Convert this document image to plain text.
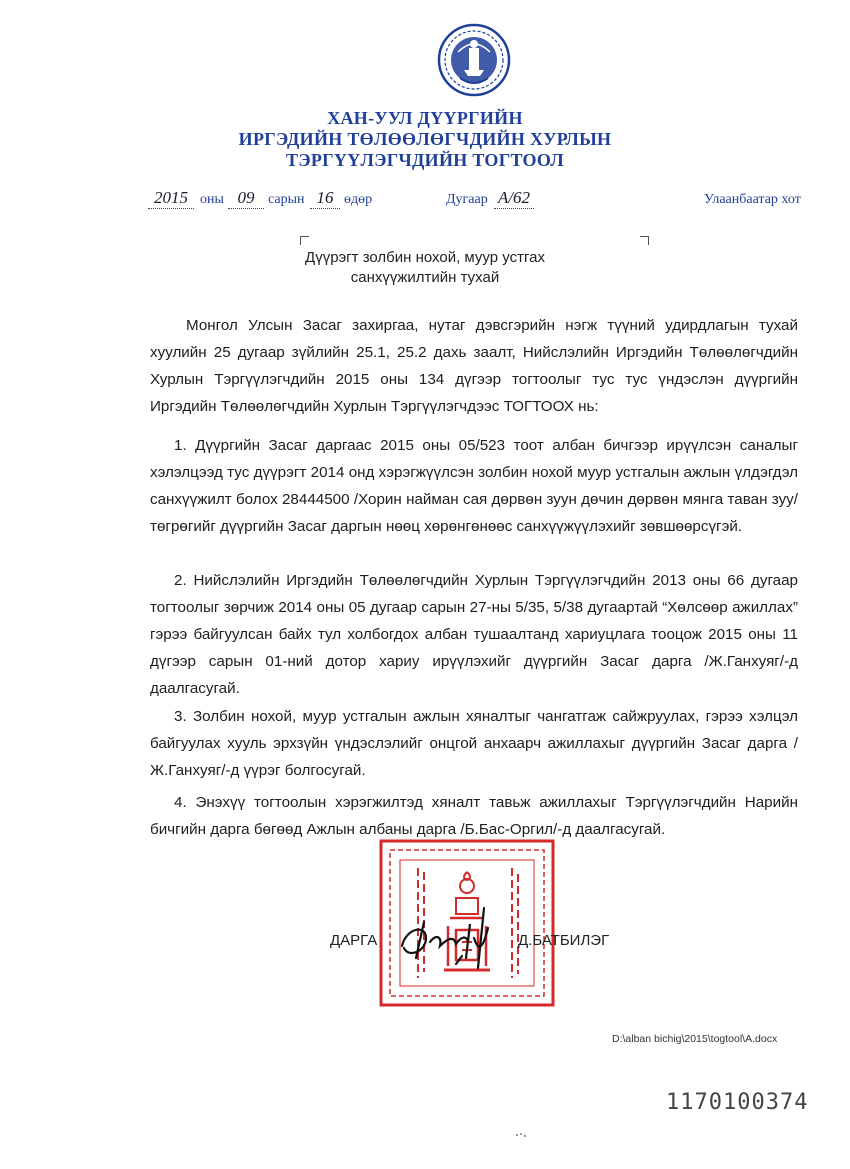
ХАН-УУЛ ДҮҮРГИЙН
ИРГЭДИЙН ТӨЛӨӨЛӨГЧДИЙН ХУРЛЫН
ТЭРГҮҮЛЭГЧДИЙН ТОГТООЛ
2015 оны 09 сарын 16 өдөр	Дугаар А/62	Улаанбаатар хот
Дүүрэгт золбин нохой, муур устгах
санхүүжилтийн тухай

Монгол Улсын Засаг захиргаа, нутаг дэвсгэрийн нэгж түүний удирдлагын тухай хуулийн 25 дугаар зүйлийн 25.1, 25.2 дахь заалт, Нийслэлийн Иргэдийн Төлөөлөгчдийн Хурлын Тэргүүлэгчдийн 2015 оны 134 дүгээр тогтоолыг тус тус үндэслэн дүүргийн Иргэдийн Төлөөлөгчдийн Хурлын Тэргүүлэгчдээс ТОГТООХ нь:

1. Дүүргийн Засаг даргаас 2015 оны 05/523 тоот албан бичгээр ирүүлсэн саналыг хэлэлцээд тус дүүрэгт 2014 онд хэрэгжүүлсэн золбин нохой муур устгалын ажлын үлдэгдэл санхүүжилт болох 28444500 /Хорин найман сая дөрвөн зуун дөчин дөрвөн мянга таван зуу/ төгрөгийг дүүргийн Засаг даргын нөөц хөрөнгөнөөс санхүүжүүлэхийг зөвшөөрсүгэй.

2. Нийслэлийн Иргэдийн Төлөөлөгчдийн Хурлын Тэргүүлэгчдийн 2013 оны 66 дугаар тогтоолыг зөрчиж 2014 оны 05 дугаар сарын 27-ны 5/35, 5/38 дугаартай “Хөлсөөр ажиллах” гэрээ байгуулсан байх тул холбогдох албан тушаалтанд хариуцлага тооцож 2015 оны 11 дүгээр сарын 01-ний дотор хариу ирүүлэхийг дүүргийн Засаг дарга /Ж.Ганхуяг/-д даалгасугай.

3. Золбин нохой, муур устгалын ажлын хяналтыг чангатгаж сайжруулах, гэрээ хэлцэл байгуулах хууль эрхзүйн үндэслэлийг онцгой анхаарч ажиллахыг дүүргийн Засаг дарга /Ж.Ганхуяг/-д үүрэг болгосугай.

4. Энэхүү тогтоолын хэрэгжилтэд хяналт тавьж ажиллахыг Тэргүүлэгчдийн Нарийн бичгийн дарга бөгөөд Ажлын албаны дарга /Б.Бас-Оргил/-д даалгасугай.

ДАРГА	Д.БАТБИЛЭГ
D:\alban bichig\2015\togtool\A.docx
1170100374
